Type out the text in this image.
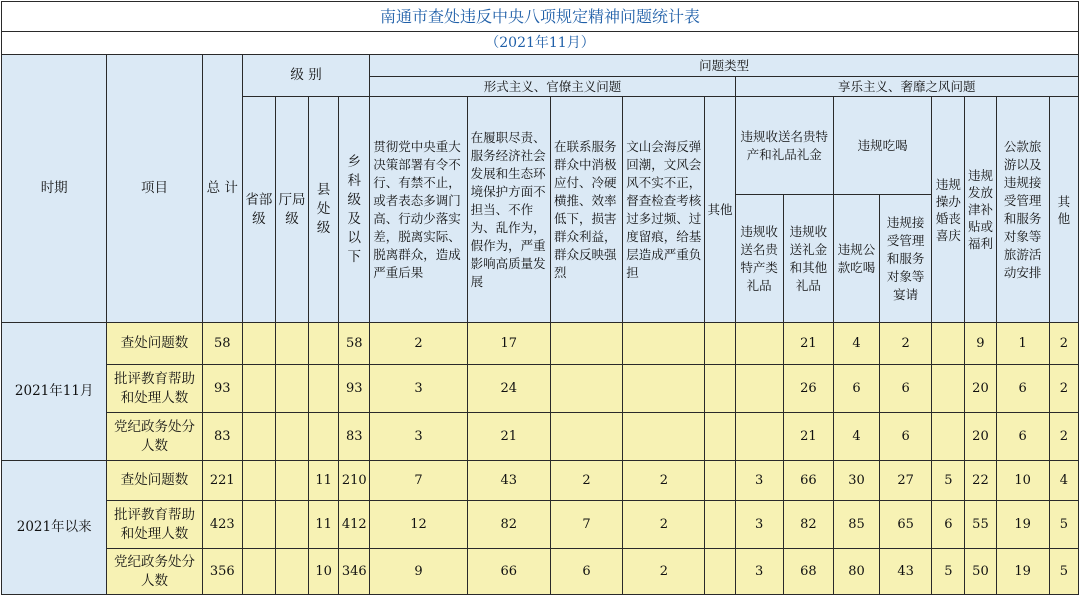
南通市查处违反中央八项规定精神问题统计表																			

（2021年11月）																			
时期	项目	总 计	级 别				问题类型												
							形式主义、官僚主义问题					享乐主义、奢靡之风问题							
			省部级	厅局级	县处级	乡科级及以下	贯彻党中央重大决策部署有令不行、有禁不止，或者表态多调门高、行动少落实差，脱离实际、脱离群众，造成严重后果	在履职尽责、服务经济社会发展和生态环境保护方面不担当、不作为、乱作为，假作为，严重影响高质量发展	在联系服务群众中消极应付、冷硬横推、效率低下，损害群众利益，群众反映强烈	文山会海反弹回潮，文风会风不实不正，督查检查考核过多过频、过度留痕，给基层造成严重负担	其他	违规收送名贵特产和礼品礼金		违规吃喝		违规操办婚丧喜庆	违规发放津补贴或福利	公款旅游以及违规接受管理和服务对象等旅游活动安排	其他
												违规收送名贵特产类礼品	违规收送礼金和其他礼品	违规公款吃喝	违规接受管理和服务对象等宴请				
2021年11月	查处问题数	58				58	2	17					21	4	2		9	1	2
	批评教育帮助和处理人数	93				93	3	24					26	6	6		20	6	2
	党纪政务处分人数	83				83	3	21					21	4	6		20	6	2
2021年以来	查处问题数	221			11	210	7	43	2	2		3	66	30	27	5	22	10	4
	批评教育帮助和处理人数	423			11	412	12	82	7	2		3	82	85	65	6	55	19	5
	党纪政务处分人数	356			10	346	9	66	6	2		3	68	80	43	5	50	19	5
